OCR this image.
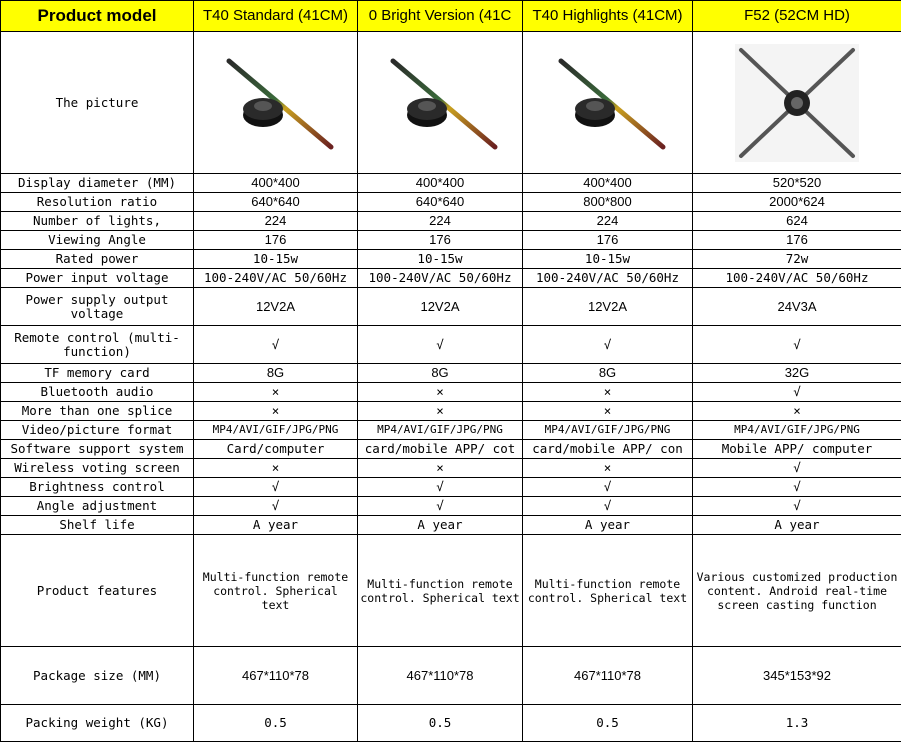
Product model	T40 Standard (41CM)	0 Bright Version (41C	T40 Highlights (41CM)	F52 (52CM HD)
The picture	

Display diameter (MM)	400*400	400*400	400*400	520*520
Resolution ratio	640*640	640*640	800*800	2000*624
Number of lights,	224	224	224	624
Viewing Angle	176	176	176	176
Rated power	10-15w	10-15w	10-15w	72w
Power input voltage	100-240V/AC 50/60Hz	100-240V/AC 50/60Hz	100-240V/AC 50/60Hz	100-240V/AC 50/60Hz
Power supply output voltage	12V2A	12V2A	12V2A	24V3A
Remote control (multi-function)	√	√	√	√
TF memory card	8G	8G	8G	32G
Bluetooth audio	×	×	×	√
More than one splice	×	×	×	×
Video/picture format	MP4/AVI/GIF/JPG/PNG	MP4/AVI/GIF/JPG/PNG	MP4/AVI/GIF/JPG/PNG	MP4/AVI/GIF/JPG/PNG
Software support system	Card/computer	card/mobile APP/ cot	card/mobile APP/ con	Mobile APP/ computer
Wireless voting screen	×	×	×	√
Brightness control	√	√	√	√
Angle adjustment	√	√	√	√
Shelf life	A year	A year	A year	A year
Product features	Multi-function remote control. Spherical text	Multi-function remote control. Spherical text	Multi-function remote control. Spherical text	Various customized production content. Android real-time screen casting function
Package size (MM)	467*110*78	467*110*78	467*110*78	345*153*92
Packing weight (KG)	0.5	0.5	0.5	1.3
